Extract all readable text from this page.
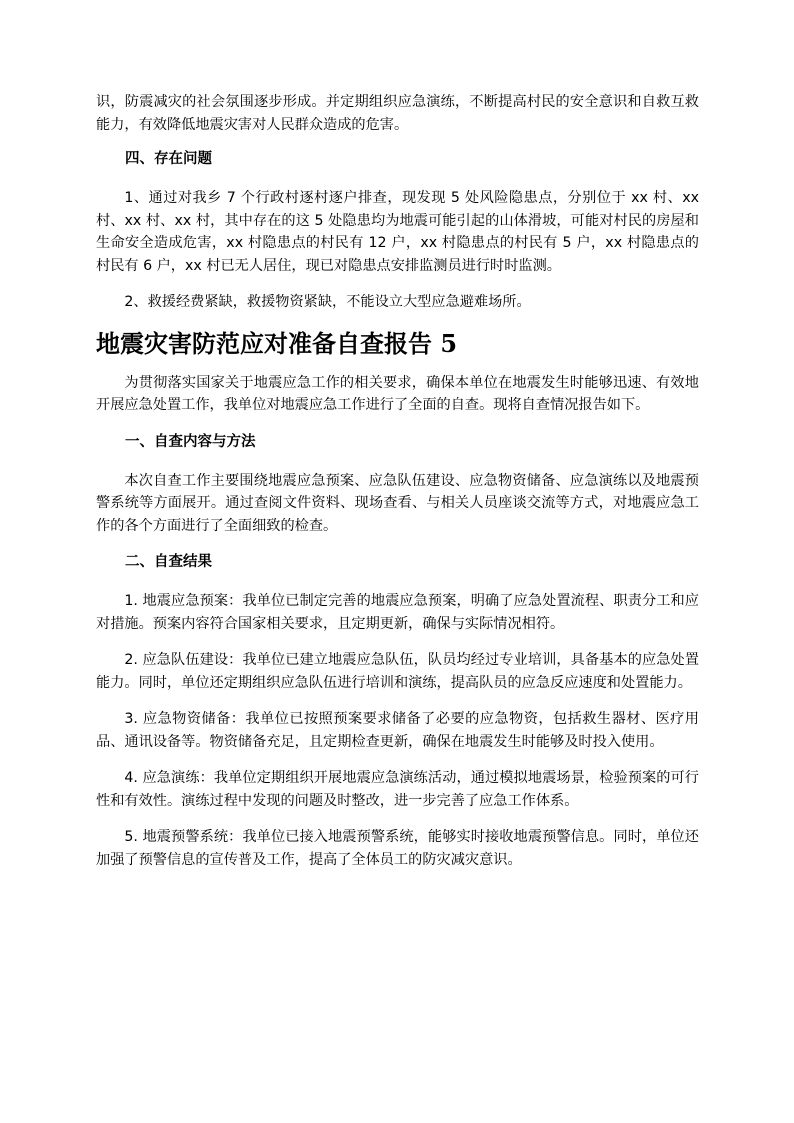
识，防震减灾的社会氛围逐步形成。并定期组织应急演练，不断提高村民的安全意识和自救互救能力，有效降低地震灾害对人民群众造成的危害。

四、存在问题

1、通过对我乡 7 个行政村逐村逐户排查，现发现 5 处风险隐患点，分别位于 xx 村、xx 村、xx 村、xx 村，其中存在的这 5 处隐患均为地震可能引起的山体滑坡，可能对村民的房屋和生命安全造成危害，xx 村隐患点的村民有 12 户，xx 村隐患点的村民有 5 户，xx 村隐患点的村民有 6 户，xx 村已无人居住，现已对隐患点安排监测员进行时时监测。

2、救援经费紧缺，救援物资紧缺，不能设立大型应急避难场所。

地震灾害防范应对准备自查报告 5

为贯彻落实国家关于地震应急工作的相关要求，确保本单位在地震发生时能够迅速、有效地开展应急处置工作，我单位对地震应急工作进行了全面的自查。现将自查情况报告如下。

一、自查内容与方法

本次自查工作主要围绕地震应急预案、应急队伍建设、应急物资储备、应急演练以及地震预警系统等方面展开。通过查阅文件资料、现场查看、与相关人员座谈交流等方式，对地震应急工作的各个方面进行了全面细致的检查。

二、自查结果

1. 地震应急预案：我单位已制定完善的地震应急预案，明确了应急处置流程、职责分工和应对措施。预案内容符合国家相关要求，且定期更新，确保与实际情况相符。

2. 应急队伍建设：我单位已建立地震应急队伍，队员均经过专业培训，具备基本的应急处置能力。同时，单位还定期组织应急队伍进行培训和演练，提高队员的应急反应速度和处置能力。

3. 应急物资储备：我单位已按照预案要求储备了必要的应急物资，包括救生器材、医疗用品、通讯设备等。物资储备充足，且定期检查更新，确保在地震发生时能够及时投入使用。

4. 应急演练：我单位定期组织开展地震应急演练活动，通过模拟地震场景，检验预案的可行性和有效性。演练过程中发现的问题及时整改，进一步完善了应急工作体系。

5. 地震预警系统：我单位已接入地震预警系统，能够实时接收地震预警信息。同时，单位还加强了预警信息的宣传普及工作，提高了全体员工的防灾减灾意识。
